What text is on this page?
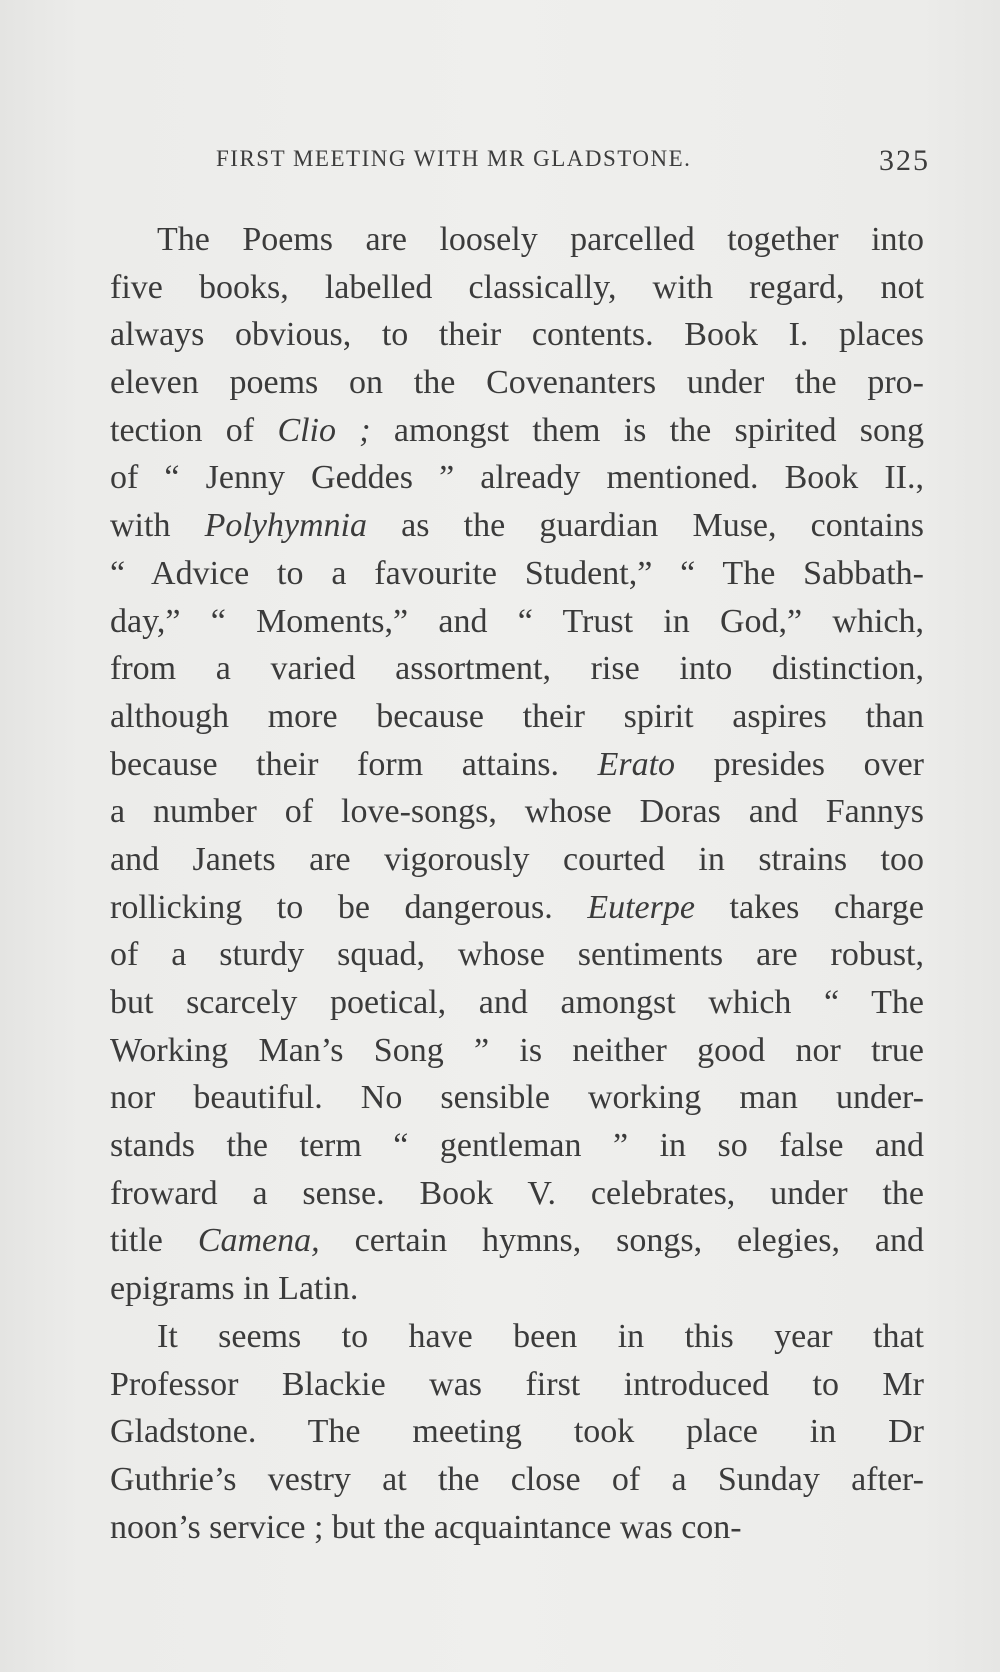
FIRST MEETING WITH MR GLADSTONE.	325
The Poems are loosely parcelled together into
five books, labelled classically, with regard, not
always obvious, to their contents. Book I. places
eleven poems on the Covenanters under the pro-
tection of Clio ; amongst them is the spirited song
of “ Jenny Geddes ” already mentioned. Book II.,
with Polyhymnia as the guardian Muse, contains
“ Advice to a favourite Student,” “ The Sabbath-
day,” “ Moments,” and “ Trust in God,” which,
from a varied assortment, rise into distinction,
although more because their spirit aspires than
because their form attains. Erato presides over
a number of love-songs, whose Doras and Fannys
and Janets are vigorously courted in strains too
rollicking to be dangerous. Euterpe takes charge
of a sturdy squad, whose sentiments are robust,
but scarcely poetical, and amongst which “ The
Working Man’s Song ” is neither good nor true
nor beautiful. No sensible working man under-
stands the term “ gentleman ” in so false and
froward a sense. Book V. celebrates, under the
title Camena, certain hymns, songs, elegies, and
epigrams in Latin.
It seems to have been in this year that
Professor Blackie was first introduced to Mr
Gladstone. The meeting took place in Dr
Guthrie’s vestry at the close of a Sunday after-
noon’s service ; but the acquaintance was con-
